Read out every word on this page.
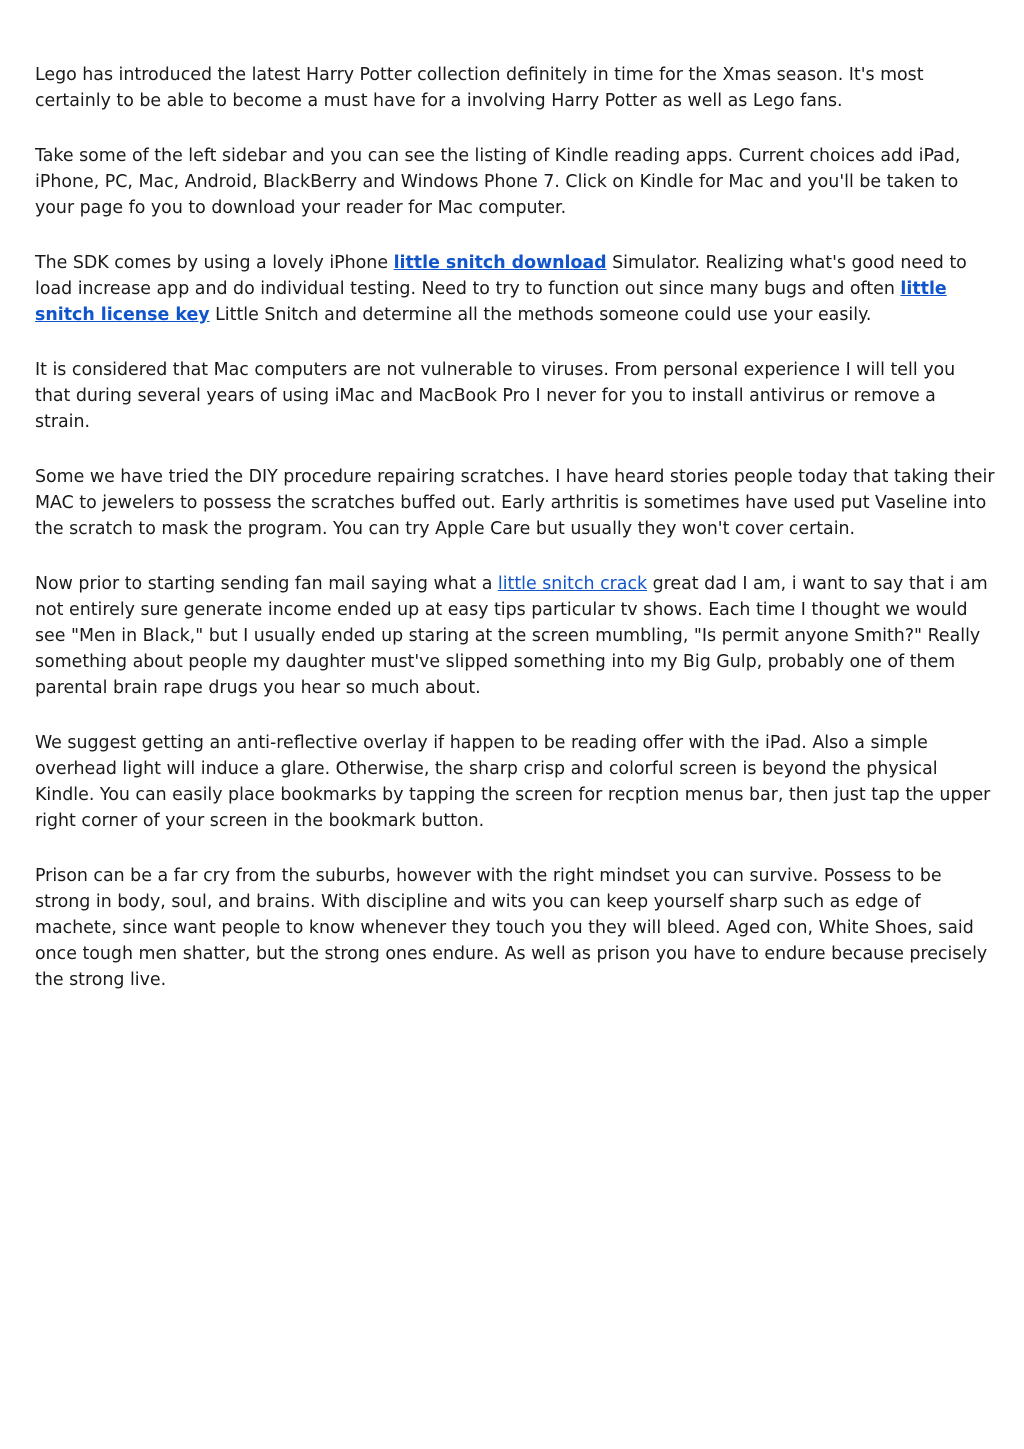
Lego has introduced the latest Harry Potter collection definitely in time for the Xmas season. It's most certainly to be able to become a must have for a involving Harry Potter as well as Lego fans.

Take some of the left sidebar and you can see the listing of Kindle reading apps. Current choices add iPad, iPhone, PC, Mac, Android, BlackBerry and Windows Phone 7. Click on Kindle for Mac and you'll be taken to your page fo you to download your reader for Mac computer.

The SDK comes by using a lovely iPhone little snitch download Simulator. Realizing what's good need to load increase app and do individual testing. Need to try to function out since many bugs and often little snitch license key Little Snitch and determine all the methods someone could use your easily.

It is considered that Mac computers are not vulnerable to viruses. From personal experience I will tell you that during several years of using iMac and MacBook Pro I never for you to install antivirus or remove a strain.

Some we have tried the DIY procedure repairing scratches. I have heard stories people today that taking their MAC to jewelers to possess the scratches buffed out. Early arthritis is sometimes have used put Vaseline into the scratch to mask the program. You can try Apple Care but usually they won't cover certain.

Now prior to starting sending fan mail saying what a little snitch crack great dad I am, i want to say that i am not entirely sure generate income ended up at easy tips particular tv shows. Each time I thought we would see "Men in Black," but I usually ended up staring at the screen mumbling, "Is permit anyone Smith?" Really something about people my daughter must've slipped something into my Big Gulp, probably one of them parental brain rape drugs you hear so much about.

We suggest getting an anti-reflective overlay if happen to be reading offer with the iPad. Also a simple overhead light will induce a glare. Otherwise, the sharp crisp and colorful screen is beyond the physical Kindle. You can easily place bookmarks by tapping the screen for recption menus bar, then just tap the upper right corner of your screen in the bookmark button.

Prison can be a far cry from the suburbs, however with the right mindset you can survive. Possess to be strong in body, soul, and brains. With discipline and wits you can keep yourself sharp such as edge of machete, since want people to know whenever they touch you they will bleed. Aged con, White Shoes, said once tough men shatter, but the strong ones endure. As well as prison you have to endure because precisely the strong live.
